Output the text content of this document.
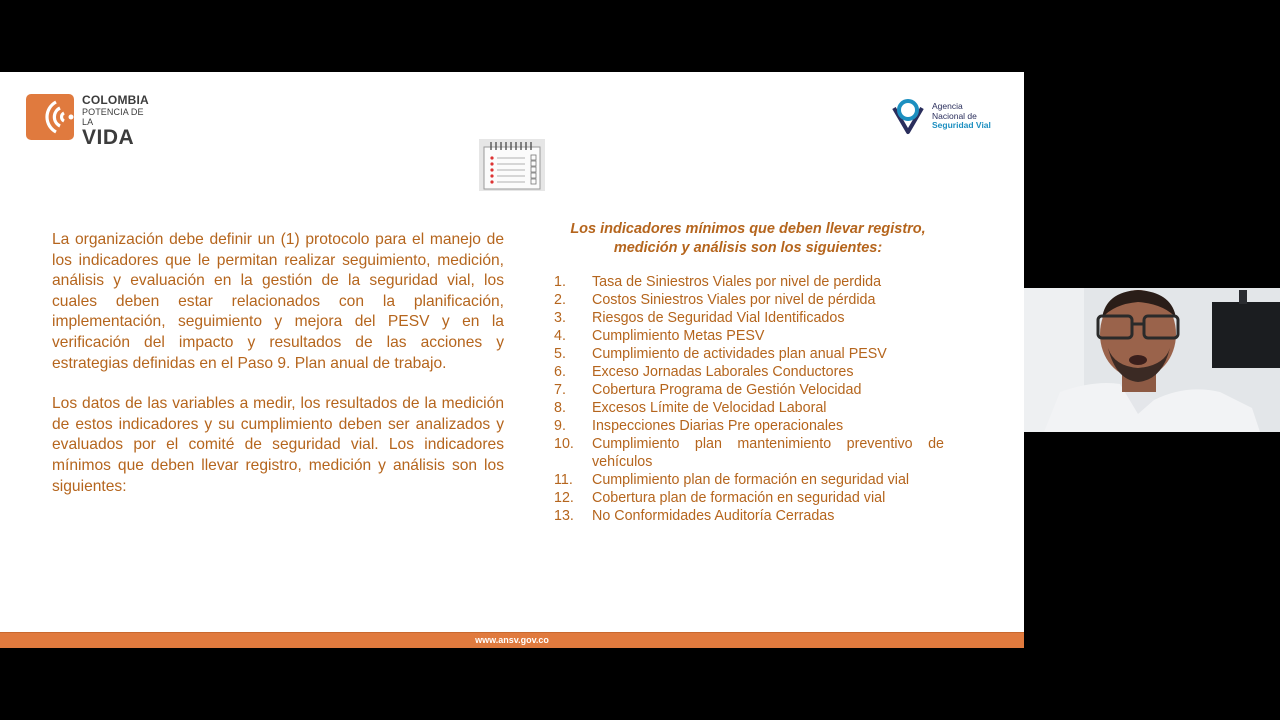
COLOMBIA
POTENCIA DE LA
VIDA
Agencia
Nacional de
Seguridad Vial

La organización debe definir un (1) protocolo para el manejo de los indicadores que le permitan realizar seguimiento, medición, análisis y evaluación en la gestión de la seguridad vial, los cuales deben estar relacionados con la planificación, implementación, seguimiento y mejora del PESV y en la verificación del impacto y resultados de las acciones y estrategias definidas en el Paso 9. Plan anual de trabajo.

Los datos de las variables a medir, los resultados de la medición de estos indicadores y su cumplimiento deben ser analizados y evaluados por el comité de seguridad vial. Los indicadores mínimos que deben llevar registro, medición y análisis son los siguientes:

Los indicadores mínimos que deben llevar registro,
medición y análisis son los siguientes:
1. Tasa de Siniestros Viales por nivel de perdida
2. Costos Siniestros Viales por nivel de pérdida
3. Riesgos de Seguridad Vial Identificados
4. Cumplimiento Metas PESV
5. Cumplimiento de actividades plan anual PESV
6. Exceso Jornadas Laborales Conductores
7. Cobertura Programa de Gestión Velocidad
8. Excesos Límite de Velocidad Laboral
9. Inspecciones Diarias Pre operacionales
10. Cumplimiento plan mantenimiento preventivo de vehículos
11. Cumplimiento plan de formación en seguridad vial
12. Cobertura plan de formación en seguridad vial
13. No Conformidades Auditoría Cerradas
www.ansv.gov.co
